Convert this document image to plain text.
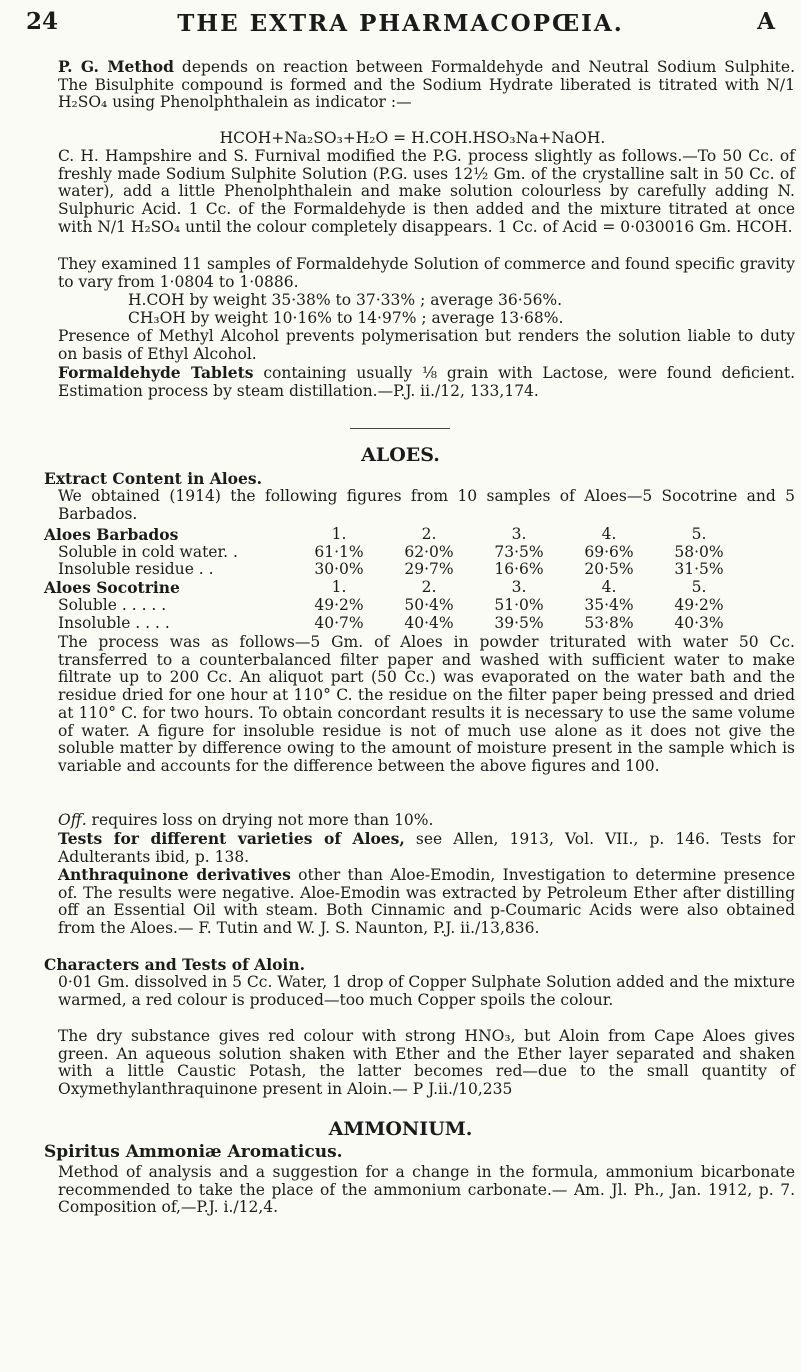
24	THE EXTRA PHARMACOPŒIA.	A

P. G. Method depends on reaction between Formaldehyde and Neutral Sodium Sulphite. The Bisulphite compound is formed and the Sodium Hydrate liberated is titrated with N/1 H₂SO₄ using Phenolphthalein as indicator :—

HCOH+Na₂SO₃+H₂O = H.COH.HSO₃Na+NaOH.

C. H. Hampshire and S. Furnival modified the P.G. process slightly as follows.—To 50 Cc. of freshly made Sodium Sulphite Solution (P.G. uses 12½ Gm. of the crystalline salt in 50 Cc. of water), add a little Phenolphthalein and make solution colourless by carefully adding N. Sulphuric Acid. 1 Cc. of the Formaldehyde is then added and the mixture titrated at once with N/1 H₂SO₄ until the colour completely disappears. 1 Cc. of Acid = 0·030016 Gm. HCOH.

They examined 11 samples of Formaldehyde Solution of commerce and found specific gravity to vary from 1·0804 to 1·0886.

H.COH by weight 35·38% to 37·33% ; average 36·56%.

CH₃OH by weight 10·16% to 14·97% ; average 13·68%.

Presence of Methyl Alcohol prevents polymerisation but renders the solution liable to duty on basis of Ethyl Alcohol.

Formaldehyde Tablets containing usually ⅛ grain with Lactose, were found deficient. Estimation process by steam distillation.—P.J. ii./12, 133,174.

ALOES.

Extract Content in Aloes.

We obtained (1914) the following figures from 10 samples of Aloes—5 Socotrine and 5 Barbados.

Aloes Barbados	1.	2.	3.	4.	5.
Soluble in cold water. .	61·1%	62·0%	73·5%	69·6%	58·0%
Insoluble residue . .	30·0%	29·7%	16·6%	20·5%	31·5%
Aloes Socotrine	1.	2.	3.	4.	5.
Soluble . . . . .	49·2%	50·4%	51·0%	35·4%	49·2%
Insoluble . . . .	40·7%	40·4%	39·5%	53·8%	40·3%

The process was as follows—5 Gm. of Aloes in powder triturated with water 50 Cc. transferred to a counterbalanced filter paper and washed with sufficient water to make filtrate up to 200 Cc. An aliquot part (50 Cc.) was evaporated on the water bath and the residue dried for one hour at 110° C. the residue on the filter paper being pressed and dried at 110° C. for two hours. To obtain concordant results it is necessary to use the same volume of water. A figure for insoluble residue is not of much use alone as it does not give the soluble matter by difference owing to the amount of moisture present in the sample which is variable and accounts for the difference between the above figures and 100.

Off. requires loss on drying not more than 10%.

Tests for different varieties of Aloes, see Allen, 1913, Vol. VII., p. 146. Tests for Adulterants ibid, p. 138.

Anthraquinone derivatives other than Aloe-Emodin, Investigation to determine presence of. The results were negative. Aloe-Emodin was extracted by Petroleum Ether after distilling off an Essential Oil with steam. Both Cinnamic and p-Coumaric Acids were also obtained from the Aloes.— F. Tutin and W. J. S. Naunton, P.J. ii./13,836.

Characters and Tests of Aloin.

0·01 Gm. dissolved in 5 Cc. Water, 1 drop of Copper Sulphate Solution added and the mixture warmed, a red colour is produced—too much Copper spoils the colour.

The dry substance gives red colour with strong HNO₃, but Aloin from Cape Aloes gives green. An aqueous solution shaken with Ether and the Ether layer separated and shaken with a little Caustic Potash, the latter becomes red—due to the small quantity of Oxymethylanthraquinone present in Aloin.— P J.ii./10,235

AMMONIUM.

Spiritus Ammoniæ Aromaticus.

Method of analysis and a suggestion for a change in the formula, ammonium bicarbonate recommended to take the place of the ammonium carbonate.— Am. Jl. Ph., Jan. 1912, p. 7. Composition of,—P.J. i./12,4.
